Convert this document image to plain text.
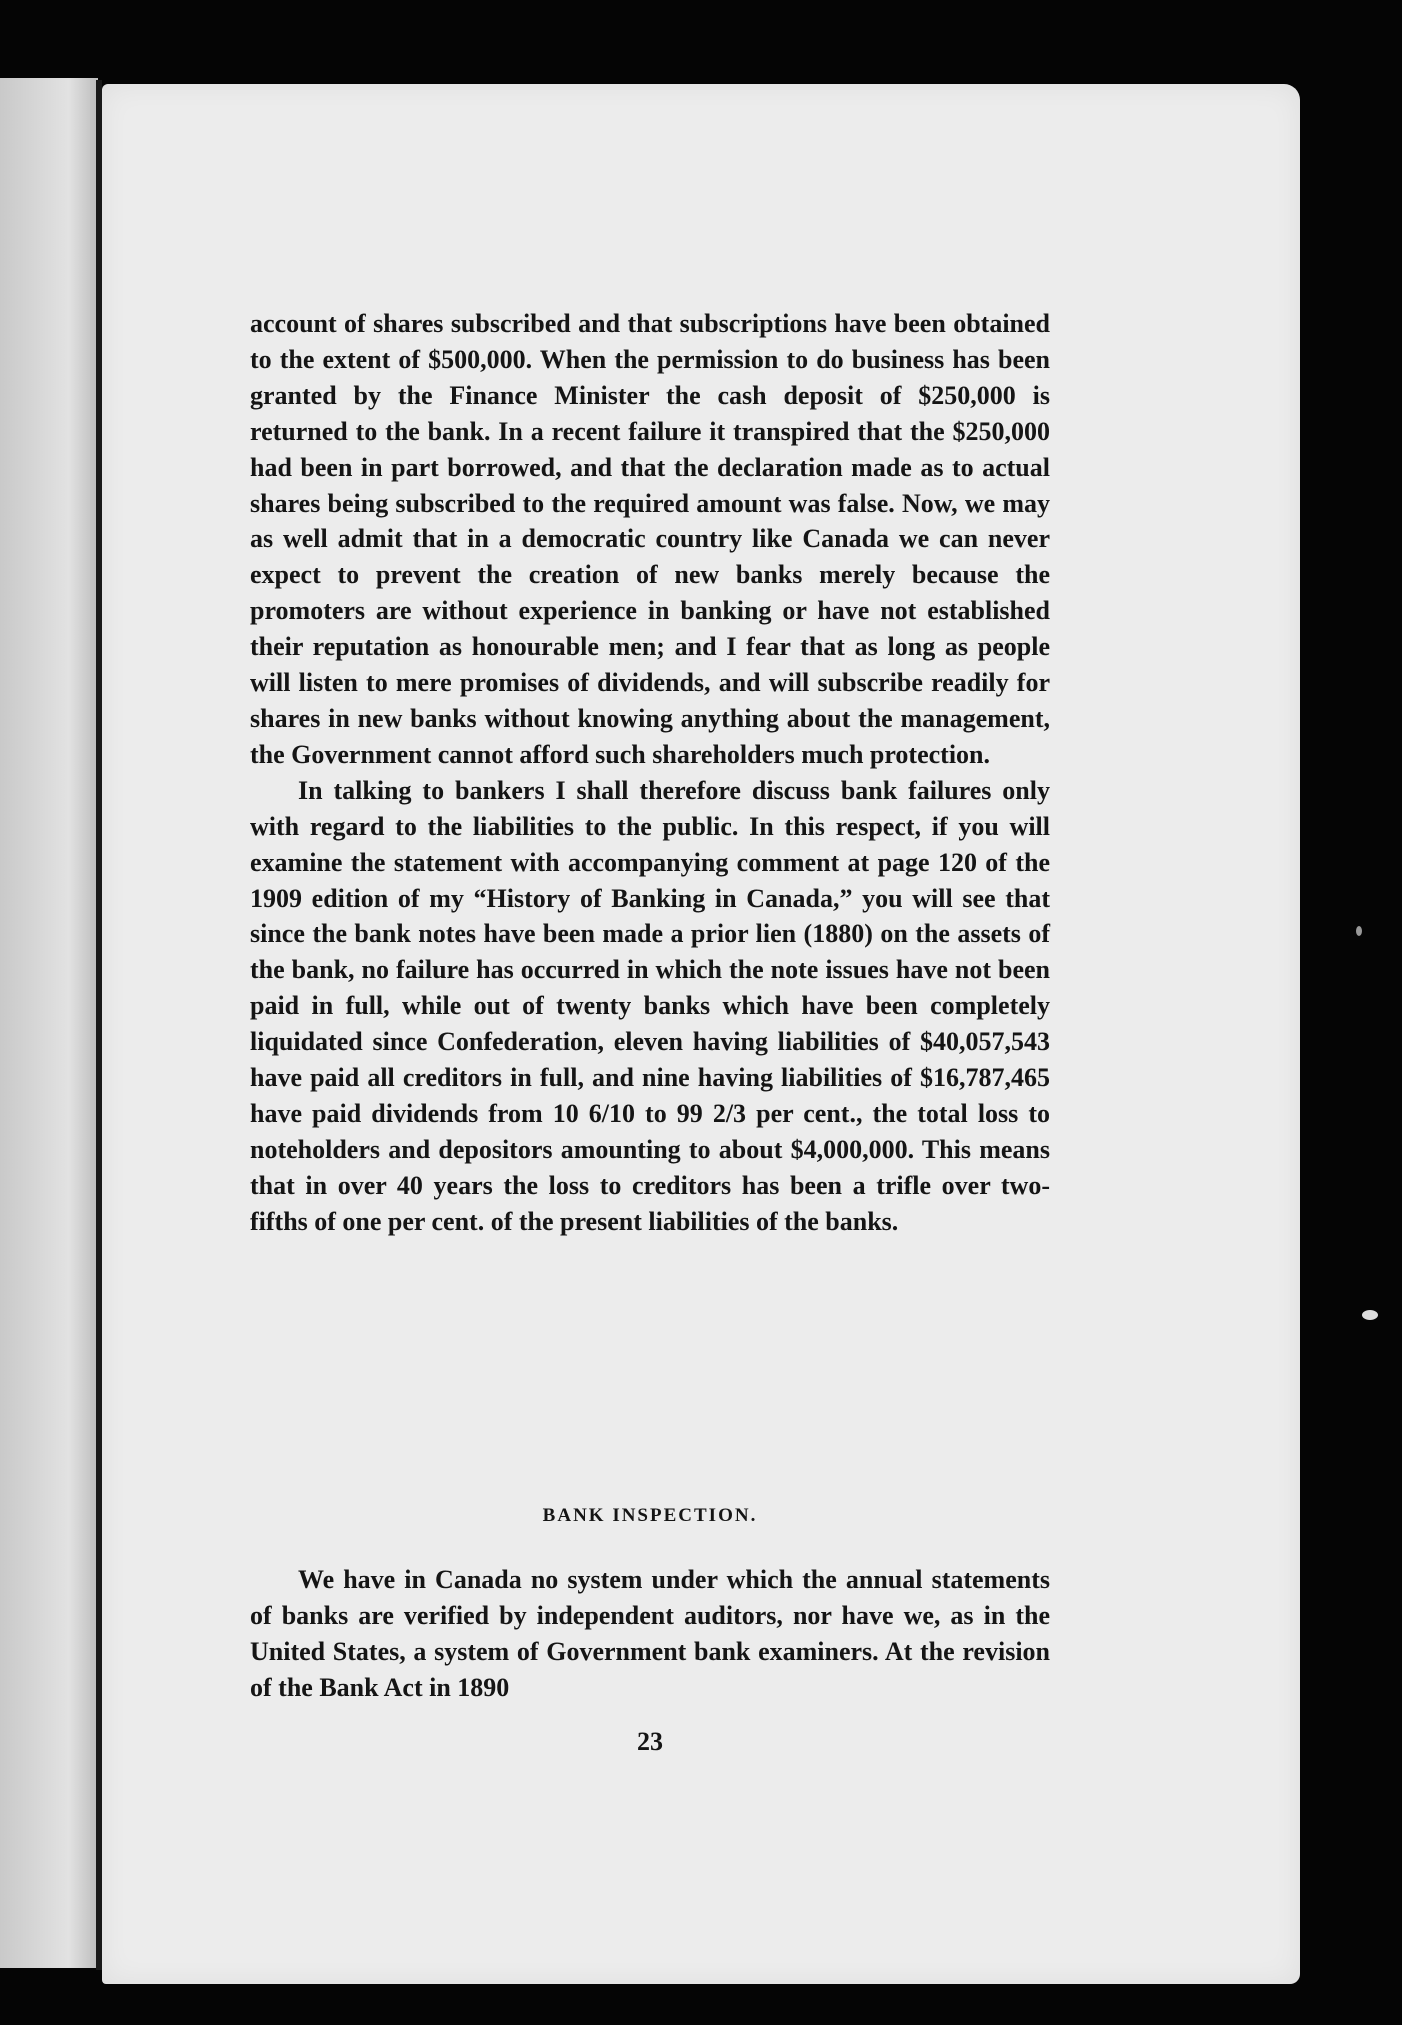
account of shares subscribed and that subscriptions have been obtained to the extent of $500,000. When the permission to do business has been granted by the Finance Minister the cash deposit of $250,000 is returned to the bank. In a recent failure it transpired that the $250,000 had been in part borrowed, and that the declaration made as to actual shares being subscribed to the required amount was false. Now, we may as well admit that in a democratic country like Canada we can never expect to prevent the creation of new banks merely because the promoters are without experience in banking or have not established their reputation as honourable men; and I fear that as long as people will listen to mere promises of dividends, and will subscribe readily for shares in new banks without knowing anything about the management, the Government cannot afford such shareholders much protection.

In talking to bankers I shall therefore discuss bank failures only with regard to the liabilities to the public. In this respect, if you will examine the statement with accompanying comment at page 120 of the 1909 edition of my “History of Banking in Canada,” you will see that since the bank notes have been made a prior lien (1880) on the assets of the bank, no failure has occurred in which the note issues have not been paid in full, while out of twenty banks which have been completely liquidated since Confederation, eleven having liabilities of $40,057,543 have paid all creditors in full, and nine having liabilities of $16,787,465 have paid dividends from 10 6/10 to 99 2/3 per cent., the total loss to noteholders and depositors amounting to about $4,000,000. This means that in over 40 years the loss to creditors has been a trifle over two-fifths of one per cent. of the present liabilities of the banks.

BANK INSPECTION.

We have in Canada no system under which the annual statements of banks are verified by independent auditors, nor have we, as in the United States, a system of Government bank examiners. At the revision of the Bank Act in 1890

23
